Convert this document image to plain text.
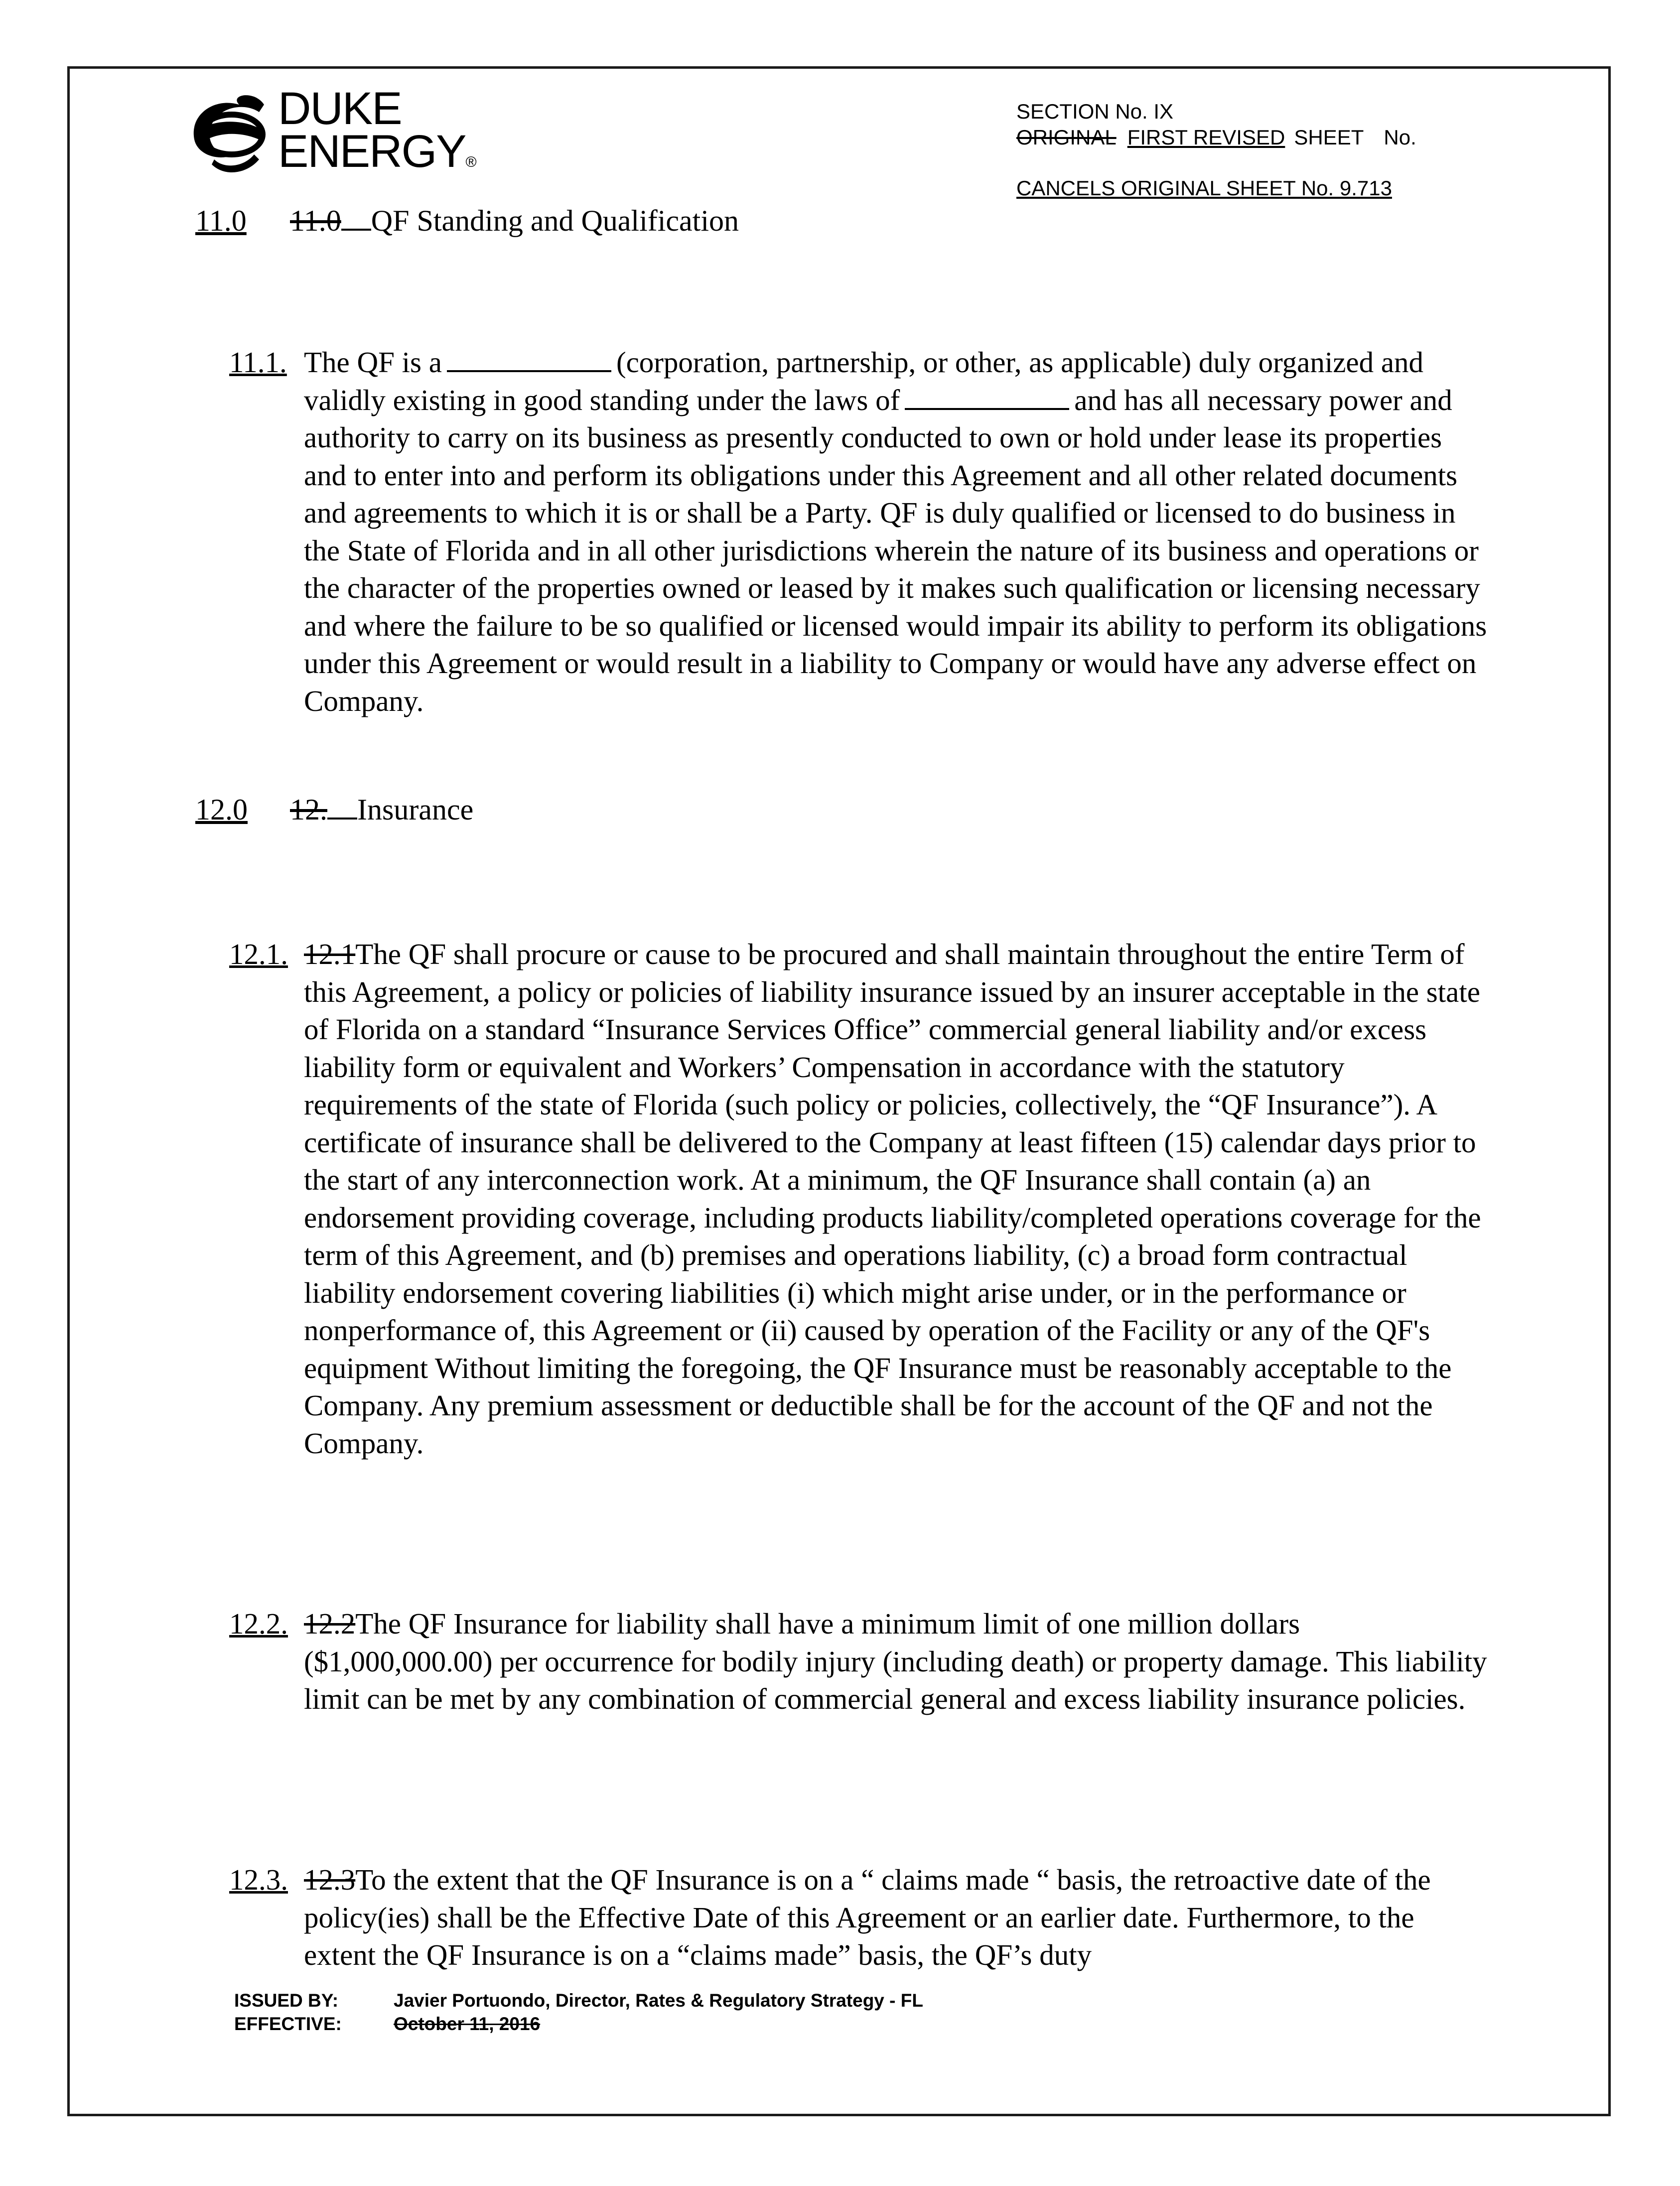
DUKE
ENERGY®
SECTION No. IX
ORIGINAL FIRST REVISED SHEET No.
CANCELS ORIGINAL SHEET No. 9.713
11.0 11.0 QF Standing and Qualification
11.1. The QF is a	(corporation, partnership, or other, as applicable) duly organized and validly existing in good standing under the laws of	and has all necessary power and authority to carry on its business as presently conducted to own or hold under lease its properties and to enter into and perform its obligations under this Agreement and all other related documents and agreements to which it is or shall be a Party. QF is duly qualified or licensed to do business in the State of Florida and in all other jurisdictions wherein the nature of its business and operations or the character of the properties owned or leased by it makes such qualification or licensing necessary and where the failure to be so qualified or licensed would impair its ability to perform its obligations under this Agreement or would result in a liability to Company or would have any adverse effect on Company.
12.0 12. Insurance
12.1. 12.1The QF shall procure or cause to be procured and shall maintain throughout the entire Term of this Agreement, a policy or policies of liability insurance issued by an insurer acceptable in the state of Florida on a standard “Insurance Services Office” commercial general liability and/or excess liability form or equivalent and Workers’ Compensation in accordance with the statutory requirements of the state of Florida (such policy or policies, collectively, the “QF Insurance”). A certificate of insurance shall be delivered to the Company at least fifteen (15) calendar days prior to the start of any interconnection work. At a minimum, the QF Insurance shall contain (a) an endorsement providing coverage, including products liability/completed operations coverage for the term of this Agreement, and (b) premises and operations liability, (c) a broad form contractual liability endorsement covering liabilities (i) which might arise under, or in the performance or nonperformance of, this Agreement or (ii) caused by operation of the Facility or any of the QF's equipment Without limiting the foregoing, the QF Insurance must be reasonably acceptable to the Company. Any premium assessment or deductible shall be for the account of the QF and not the Company.
12.2. 12.2The QF Insurance for liability shall have a minimum limit of one million dollars ($1,000,000.00) per occurrence for bodily injury (including death) or property damage. This liability limit can be met by any combination of commercial general and excess liability insurance policies.
12.3. 12.3To the extent that the QF Insurance is on a “ claims made “ basis, the retroactive date of the policy(ies) shall be the Effective Date of this Agreement or an earlier date. Furthermore, to the extent the QF Insurance is on a “claims made” basis, the QF’s duty
ISSUED BY:	Javier Portuondo, Director, Rates & Regulatory Strategy - FL
EFFECTIVE:	October 11, 2016
